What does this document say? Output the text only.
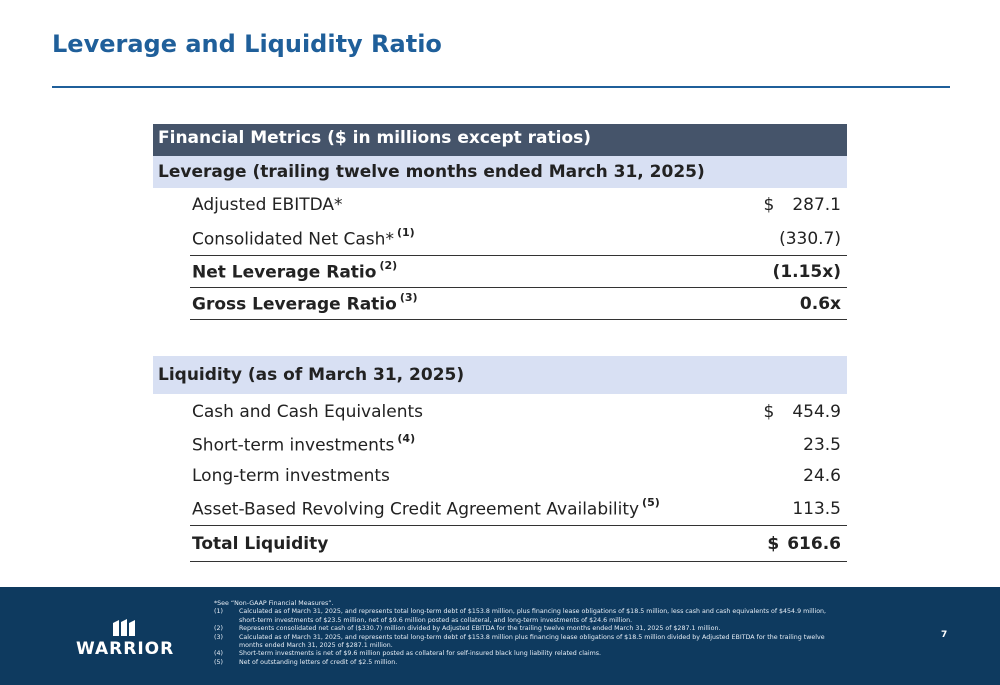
Leverage and Liquidity Ratio
Financial Metrics ($ in millions except ratios)
Leverage (trailing twelve months ended March 31, 2025)
Adjusted EBITDA*	$ 287.1
Consolidated Net Cash* $^{(1)}$	(330.7)
Net Leverage Ratio $^{(2)}$	(1.15x)
Gross Leverage Ratio $^{(3)}$	0.6x
Liquidity (as of March 31, 2025)
Cash and Cash Equivalents	$ 454.9
Short-term investments $^{(4)}$	23.5
Long-term investments	24.6
Asset-Based Revolving Credit Agreement Availability $^{(5)}$	113.5
Total Liquidity	$ 616.6
WARRIOR
*See “Non-GAAP Financial Measures”.
(1)	Calculated as of March 31, 2025, and represents total long-term debt of $153.8 million, plus financing lease obligations of $18.5 million, less cash and cash equivalents of $454.9 million, short-term investments of $23.5 million, net of $9.6 million posted as collateral, and long-term investments of $24.6 million.
(2)	Represents consolidated net cash of ($330.7) million divided by Adjusted EBITDA for the trailing twelve months ended March 31, 2025 of $287.1 million.
(3)	Calculated as of March 31, 2025, and represents total long-term debt of $153.8 million plus financing lease obligations of $18.5 million divided by Adjusted EBITDA for the trailing twelve months ended March 31, 2025 of $287.1 million.
(4)	Short-term investments is net of $9.6 million posted as collateral for self-insured black lung liability related claims.
(5)	Net of outstanding letters of credit of $2.5 million.
7
